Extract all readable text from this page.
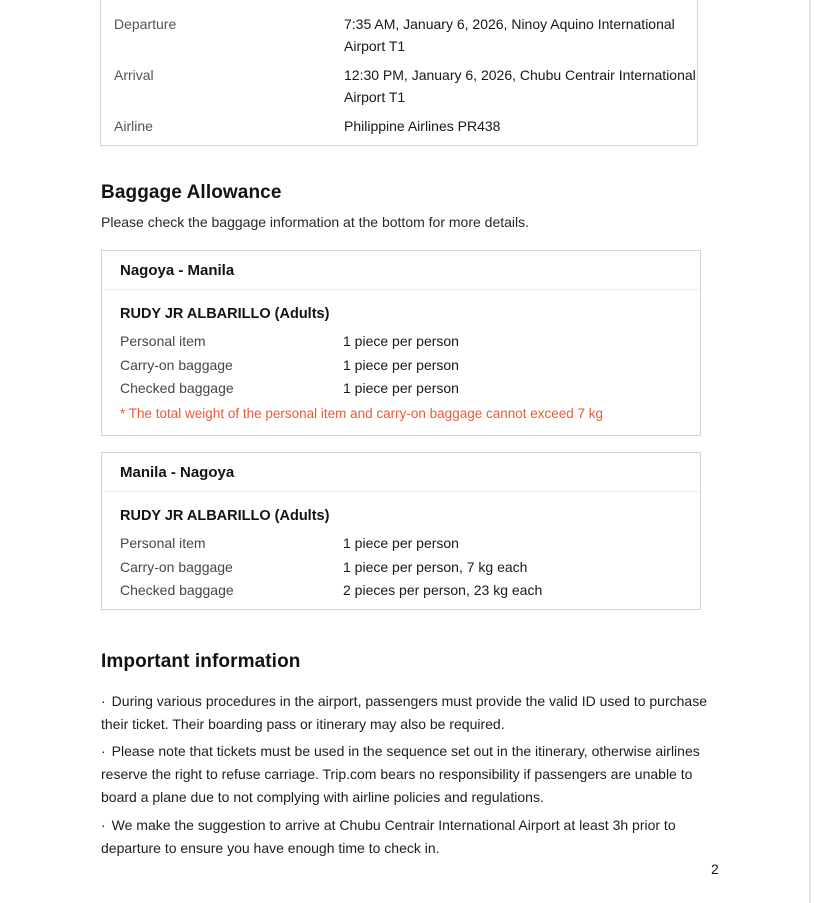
Departure	7:35 AM, January 6, 2026, Ninoy Aquino International Airport T1
Arrival	12:30 PM, January 6, 2026, Chubu Centrair International Airport T1
Airline	Philippine Airlines PR438
Baggage Allowance
Please check the baggage information at the bottom for more details.
Nagoya - Manila
RUDY JR ALBARILLO (Adults)
Personal item	1 piece per person
Carry-on baggage	1 piece per person
Checked baggage	1 piece per person
* The total weight of the personal item and carry-on baggage cannot exceed 7 kg
Manila - Nagoya
RUDY JR ALBARILLO (Adults)
Personal item	1 piece per person
Carry-on baggage	1 piece per person, 7 kg each
Checked baggage	2 pieces per person, 23 kg each
Important information

· During various procedures in the airport, passengers must provide the valid ID used to purchase their ticket. Their boarding pass or itinerary may also be required.

· Please note that tickets must be used in the sequence set out in the itinerary, otherwise airlines reserve the right to refuse carriage. Trip.com bears no responsibility if passengers are unable to board a plane due to not complying with airline policies and regulations.

· We make the suggestion to arrive at Chubu Centrair International Airport at least 3h prior to departure to ensure you have enough time to check in.

2
